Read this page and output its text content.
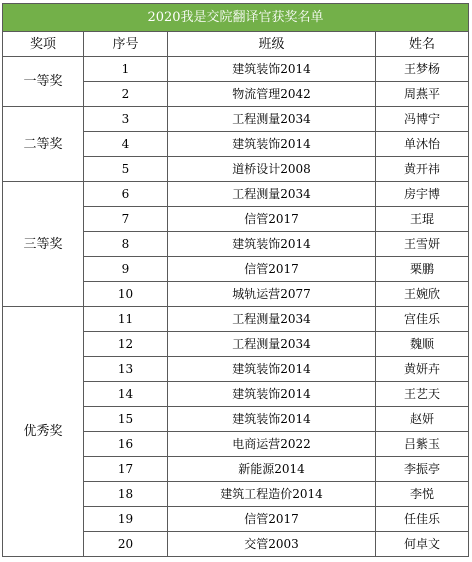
2020我是交院翻译官获奖名单			
奖项	序号	班级	姓名
一等奖	1	建筑装饰2014	王梦杨
	2	物流管理2042	周燕平
二等奖	3	工程测量2034	冯博宁
	4	建筑装饰2014	单沐怡
	5	道桥设计2008	黄开祎
三等奖	6	工程测量2034	房宇博
	7	信管2017	王琨
	8	建筑装饰2014	王雪妍
	9	信管2017	栗鹏
	10	城轨运营2077	王婉欣
优秀奖	11	工程测量2034	宫佳乐
	12	工程测量2034	魏顺
	13	建筑装饰2014	黄妍卉
	14	建筑装饰2014	王艺天
	15	建筑装饰2014	赵妍
	16	电商运营2022	吕紫玉
	17	新能源2014	李振亭
	18	建筑工程造价2014	李悦
	19	信管2017	任佳乐
	20	交管2003	何卓文
